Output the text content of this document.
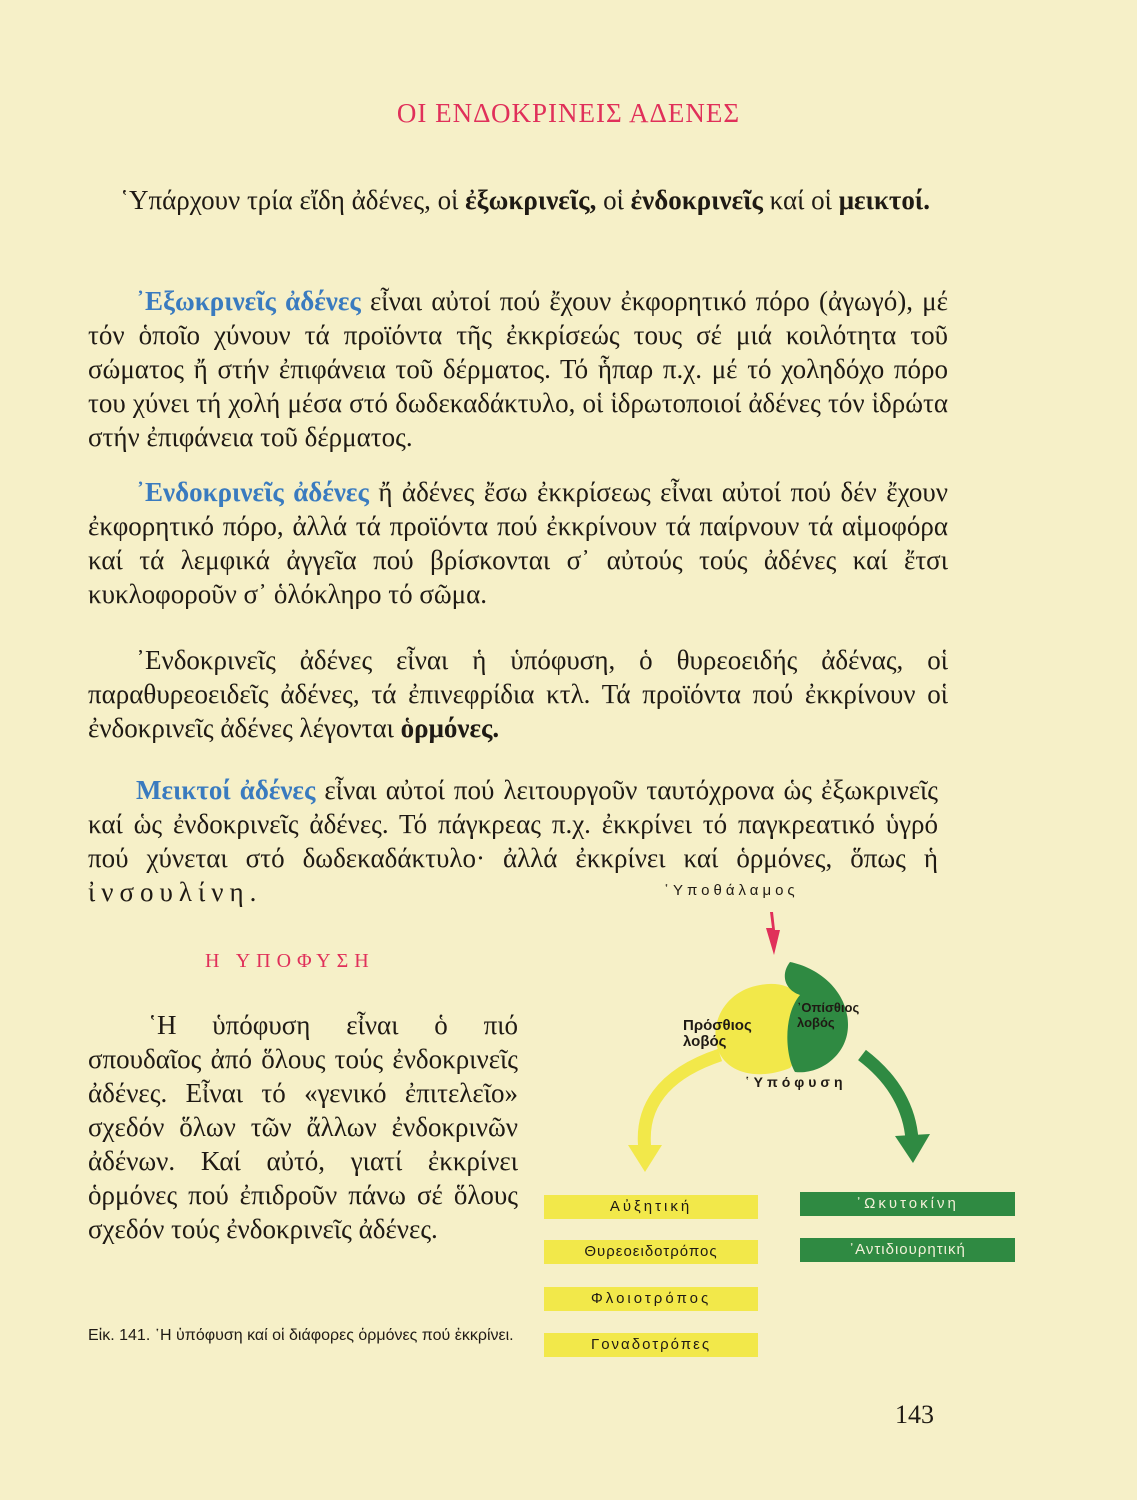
ΟΙ ΕΝΔΟΚΡΙΝΕΙΣ ΑΔΕΝΕΣ
῾Υπάρχουν τρία εἴδη ἀδένες, οἱ ἐξωκρινεῖς, οἱ ἐνδοκρινεῖς καί οἱ μεικτοί.
᾿Εξωκρινεῖς ἀδένες εἶναι αὐτοί πού ἔχουν ἐκφορητικό πόρο (ἀγωγό), μέ τόν ὁποῖο χύνουν τά προϊόντα τῆς ἐκκρίσεώς τους σέ μιά κοιλότητα τοῦ σώματος ἤ στήν ἐπιφάνεια τοῦ δέρματος. Τό ἧπαρ π.χ. μέ τό χοληδόχο πόρο του χύνει τή χολή μέσα στό δωδεκαδάκτυλο, οἱ ἱδρωτοποιοί ἀδένες τόν ἱδρώτα στήν ἐπιφάνεια τοῦ δέρματος.
᾿Ενδοκρινεῖς ἀδένες ἤ ἀδένες ἔσω ἐκκρίσεως εἶναι αὐτοί πού δέν ἔχουν ἐκφορητικό πόρο, ἀλλά τά προϊόντα πού ἐκκρίνουν τά παίρνουν τά αἱμοφόρα καί τά λεμφικά ἀγγεῖα πού βρίσκονται σ᾿ αὐτούς τούς ἀδένες καί ἔτσι κυκλοφοροῦν σ᾿ ὁλόκληρο τό σῶμα.
᾿Ενδοκρινεῖς ἀδένες εἶναι ἡ ὑπόφυση, ὁ θυρεοειδής ἀδένας, οἱ παραθυρεοειδεῖς ἀδένες, τά ἐπινεφρίδια κτλ. Τά προϊόντα πού ἐκκρίνουν οἱ ἐνδοκρινεῖς ἀδένες λέγονται ὁρμόνες.
Μεικτοί ἀδένες εἶναι αὐτοί πού λειτουργοῦν ταυτόχρονα ὡς ἐξωκρινεῖς καί ὡς ἐνδοκρινεῖς ἀδένες. Τό πάγκρεας π.χ. ἐκκρίνει τό παγκρεατικό ὑγρό πού χύνεται στό δωδεκαδάκτυλο· ἀλλά ἐκκρίνει καί ὁρμόνες, ὅπως ἡ ἰνσουλίνη.
Η ΥΠΟΦΥΣΗ
῾Η ὑπόφυση εἶναι ὁ πιό σπουδαῖος ἀπό ὅλους τούς ἐνδοκρινεῖς ἀδένες. Εἶναι τό «γενικό ἐπιτελεῖο» σχεδόν ὅλων τῶν ἄλλων ἐνδοκρινῶν ἀδένων. Καί αὐτό, γιατί ἐκκρίνει ὁρμόνες πού ἐπιδροῦν πάνω σέ ὅλους σχεδόν τούς ἐνδοκρινεῖς ἀδένες.
Εἰκ. 141. ῾Η ὑπόφυση καί οἱ διάφορες ὁρμόνες πού ἐκκρίνει.
῾Υποθάλαμος
Πρόσθιος λοβός
᾿Οπίσθιος λοβός
῾Υπόφυση
Αὐξητική
Θυρεοειδοτρόπος
Φλοιοτρόπος
Γοναδοτρόπες
᾿Ωκυτοκίνη
᾿Αντιδιουρητική
143
